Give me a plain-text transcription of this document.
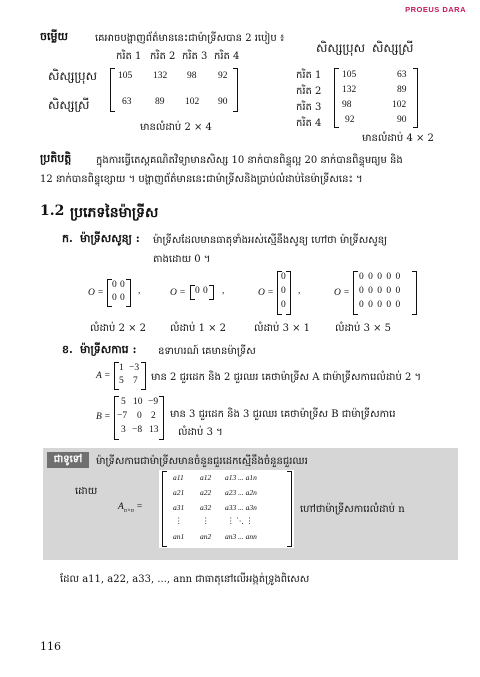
PROEUS DARA
ចម្លើយ	គេអាចបង្ហាញព័ត៌មាននេះជាម៉ាទ្រីសបាន 2 របៀប ៖
ករិត 1 ករិត 2 ករិត 3 ករិត 4
សិស្សប្រុស
សិស្សស្រី
105 132 98 92
63 89 102 90
មានលំដាប់ 2 × 4
សិស្សប្រុស សិស្សស្រី
ករិត 1
ករិត 2
ករិត 3
ករិត 4
105	63
132	89
98	102
92	90
មានលំដាប់ 4 × 2
ប្រតិបត្តិ ក្នុងការធ្វើតេស្តគណិតវិទ្យាមានសិស្ស 10 នាក់បានពិន្ទុល្អ 20 នាក់បានពិន្ទុមធ្យម និង
12 នាក់បានពិន្ទុខ្សោយ ។ បង្ហាញព័ត៌មាននេះជាម៉ាទ្រីសនិងប្រាប់លំដាប់នៃម៉ាទ្រីសនេះ ។
1.2 ប្រភេទនៃម៉ាទ្រីស
ក. ម៉ាទ្រីសសូន្យ : ម៉ាទ្រីសដែលមានធាតុទាំងអស់ស្មើនឹងសូន្យ ហៅថា ម៉ាទ្រីសសូន្យ
តាងដោយ 0 ។
O =
0 0
0 0
,	O = 0 0 ,	O =
0
0
0
,	O =
0 0 0 0 0
0 0 0 0 0
0 0 0 0 0
លំដាប់ 2 × 2 លំដាប់ 1 × 2	លំដាប់ 3 × 1 លំដាប់ 3 × 5
ខ. ម៉ាទ្រីសការេ : ឧទាហរណ៍ គេមានម៉ាទ្រីស
A =
1 −3
5 7 មាន 2 ជួរដេក និង 2 ជួរឈរ គេថាម៉ាទ្រីស A ជាម៉ាទ្រីសការេលំដាប់ 2 ។
B =
5 10 −9
−7 0 2
3 −8 13
មាន 3 ជួរដេក និង 3 ជួរឈរ គេថាម៉ាទ្រីស B ជាម៉ាទ្រីសការេ
លំដាប់ 3 ។
ជាទូទៅ	ម៉ាទ្រីសការេជាម៉ាទ្រីសមានចំនួនជួរដេកស្មើនឹងចំនួនជួរឈរ
ដោយ
$A_{n\times n}$ =
a11 a12 a13 ... a1n
a21 a22 a23 ... a2n
a31 a32 a33 ... a3n
⋮	⋮ ⋮ ⋱ ⋮
an1 an2 an3 ... ann
ហៅថាម៉ាទ្រីសការេលំដាប់ n
ដែល a11, a22, a33, ..., ann ជាធាតុនៅលើអង្កត់ទ្រូងពិសេស
116
